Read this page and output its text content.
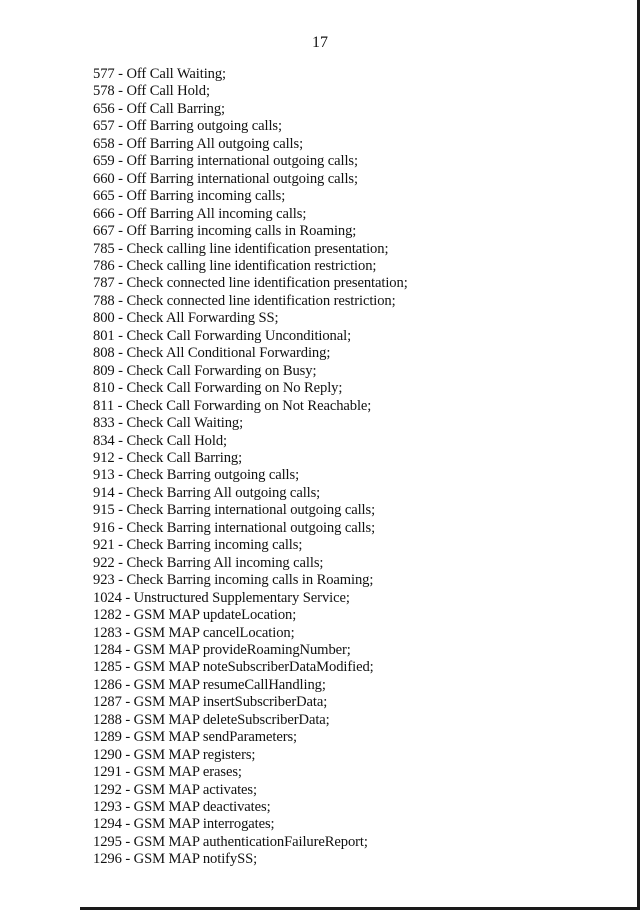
17
577 - Off Call Waiting;
578 - Off Call Hold;
656 - Off Call Barring;
657 - Off Barring outgoing calls;
658 - Off Barring All outgoing calls;
659 - Off Barring international outgoing calls;
660 - Off Barring international outgoing calls;
665 - Off Barring incoming calls;
666 - Off Barring All incoming calls;
667 - Off Barring incoming calls in Roaming;
785 - Check calling line identification presentation;
786 - Check calling line identification restriction;
787 - Check connected line identification presentation;
788 - Check connected line identification restriction;
800 - Check All Forwarding SS;
801 - Check Call Forwarding Unconditional;
808 - Check All Conditional Forwarding;
809 - Check Call Forwarding on Busy;
810 - Check Call Forwarding on No Reply;
811 - Check Call Forwarding on Not Reachable;
833 - Check Call Waiting;
834 - Check Call Hold;
912 - Check Call Barring;
913 - Check Barring outgoing calls;
914 - Check Barring All outgoing calls;
915 - Check Barring international outgoing calls;
916 - Check Barring international outgoing calls;
921 - Check Barring incoming calls;
922 - Check Barring All incoming calls;
923 - Check Barring incoming calls in Roaming;
1024 - Unstructured Supplementary Service;
1282 - GSM MAP updateLocation;
1283 - GSM MAP cancelLocation;
1284 - GSM MAP provideRoamingNumber;
1285 - GSM MAP noteSubscriberDataModified;
1286 - GSM MAP resumeCallHandling;
1287 - GSM MAP insertSubscriberData;
1288 - GSM MAP deleteSubscriberData;
1289 - GSM MAP sendParameters;
1290 - GSM MAP registers;
1291 - GSM MAP erases;
1292 - GSM MAP activates;
1293 - GSM MAP deactivates;
1294 - GSM MAP interrogates;
1295 - GSM MAP authenticationFailureReport;
1296 - GSM MAP notifySS;
